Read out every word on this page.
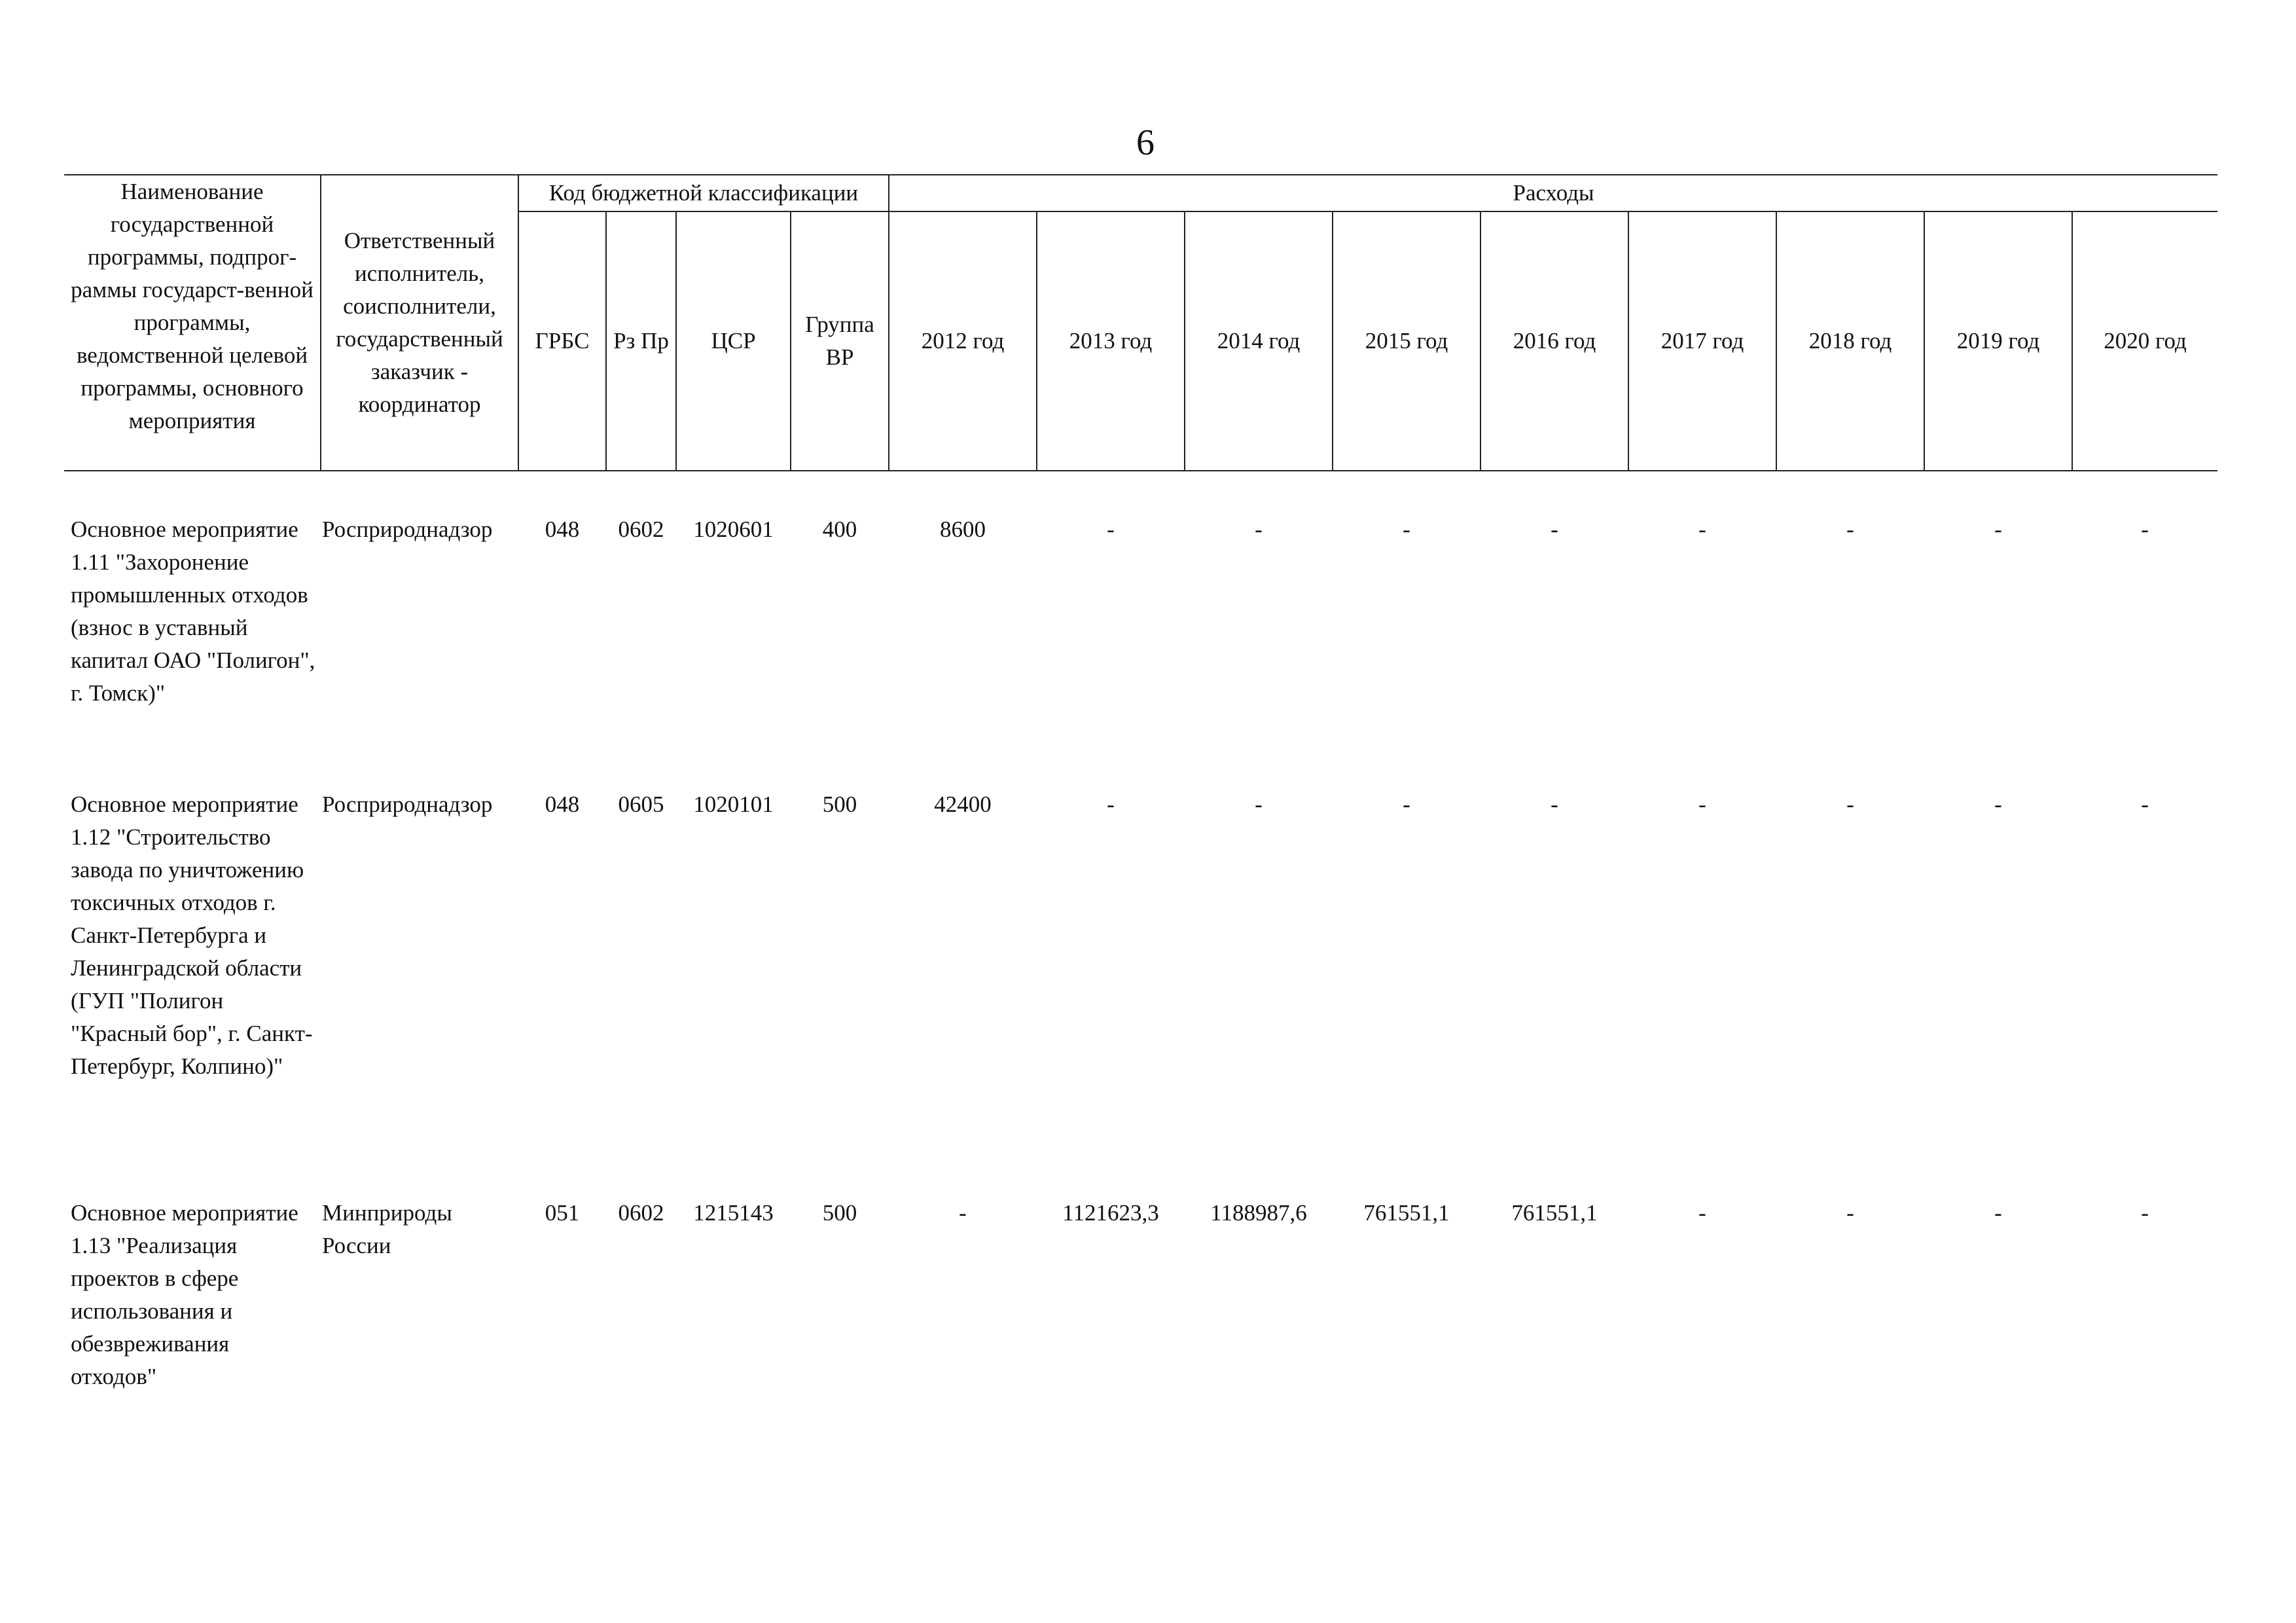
6
Наименование государственной программы, подпрог-раммы государст-венной программы, ведомственной целевой программы, основного мероприятия	Ответственный исполнитель, соисполнители, государственный заказчик - координатор	Код бюджетной классификации				Расходы								
		ГРБС	Рз Пр	ЦСР	Группа ВР	2012 год	2013 год	2014 год	2015 год	2016 год	2017 год	2018 год	2019 год	2020 год

Основное мероприятие 1.11 "Захоронение промышленных отходов (взнос в уставный капитал ОАО "Полигон", г. Томск)"	Росприроднадзор	048	0602	1020601	400	8600	-	-	-	-	-	-	-	-
Основное мероприятие 1.12 "Строительство завода по уничтожению токсичных отходов г. Санкт-Петербурга и Ленинградской области (ГУП "Полигон "Красный бор", г. Санкт-Петербург, Колпино)"	Росприроднадзор	048	0605	1020101	500	42400	-	-	-	-	-	-	-	-
Основное мероприятие 1.13 "Реализация проектов в сфере использования и обезвреживания отходов"	Минприроды России	051	0602	1215143	500	-	1121623,3	1188987,6	761551,1	761551,1	-	-	-	-
